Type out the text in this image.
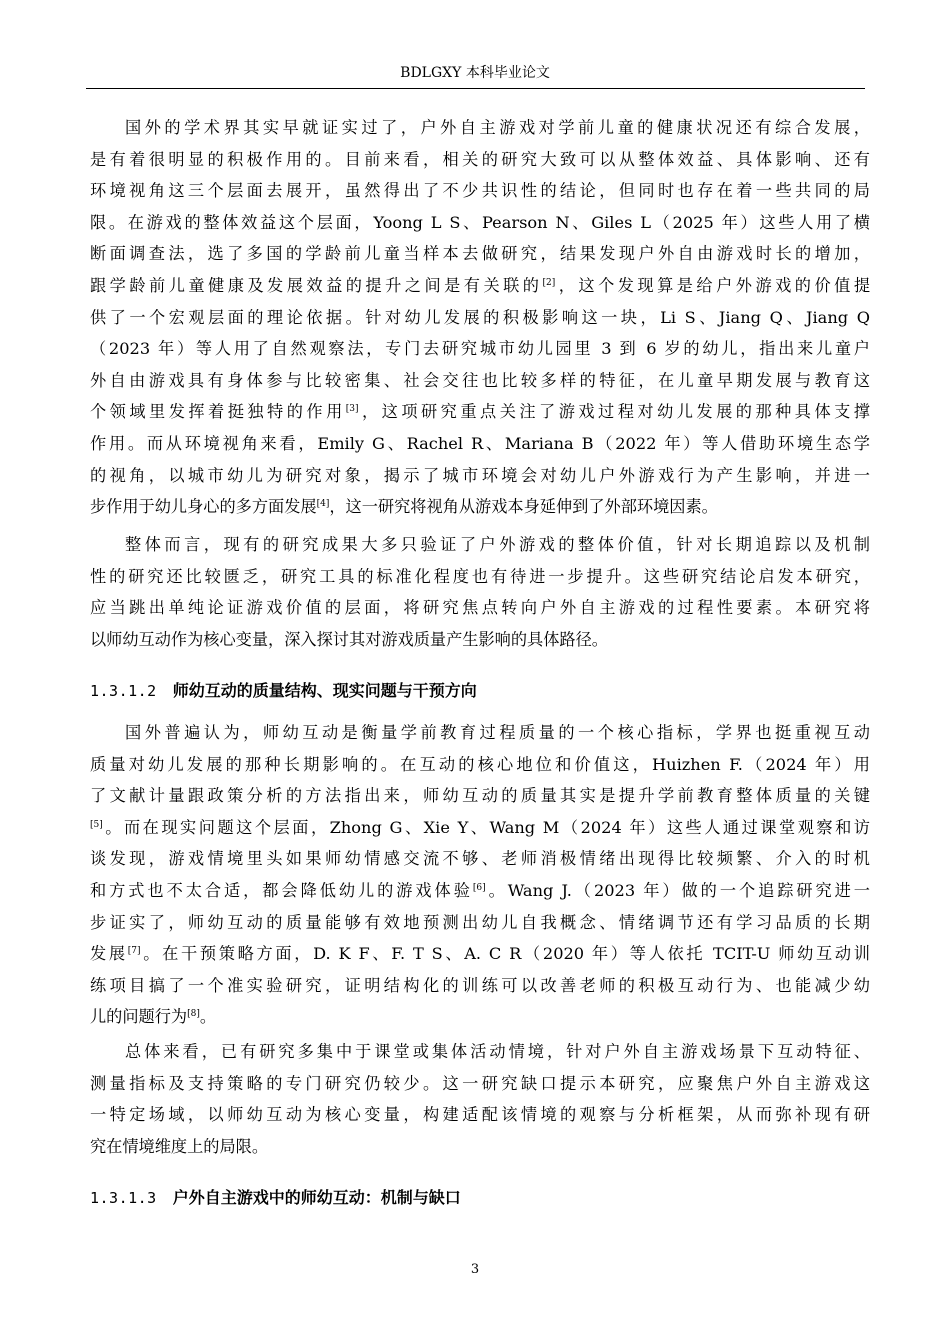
BDLGXY 本科毕业论文
国外的学术界其实早就证实过了，户外自主游戏对学前儿童的健康状况还有综合发展，
是有着很明显的积极作用的。目前来看，相关的研究大致可以从整体效益、具体影响、还有
环境视角这三个层面去展开，虽然得出了不少共识性的结论，但同时也存在着一些共同的局
限。在游戏的整体效益这个层面，Yoong L S、Pearson N、Giles L（2025 年）这些人用了横
断面调查法，选了多国的学龄前儿童当样本去做研究，结果发现户外自由游戏时长的增加，
跟学龄前儿童健康及发展效益的提升之间是有关联的[2]，这个发现算是给户外游戏的价值提
供了一个宏观层面的理论依据。针对幼儿发展的积极影响这一块，Li S、Jiang Q、Jiang Q
（2023 年）等人用了自然观察法，专门去研究城市幼儿园里 3 到 6 岁的幼儿，指出来儿童户
外自由游戏具有身体参与比较密集、社会交往也比较多样的特征，在儿童早期发展与教育这
个领域里发挥着挺独特的作用[3]，这项研究重点关注了游戏过程对幼儿发展的那种具体支撑
作用。而从环境视角来看，Emily G、Rachel R、Mariana B（2022 年）等人借助环境生态学
的视角，以城市幼儿为研究对象，揭示了城市环境会对幼儿户外游戏行为产生影响，并进一
步作用于幼儿身心的多方面发展[4]，这一研究将视角从游戏本身延伸到了外部环境因素。
整体而言，现有的研究成果大多只验证了户外游戏的整体价值，针对长期追踪以及机制
性的研究还比较匮乏，研究工具的标准化程度也有待进一步提升。这些研究结论启发本研究，
应当跳出单纯论证游戏价值的层面，将研究焦点转向户外自主游戏的过程性要素。本研究将
以师幼互动作为核心变量，深入探讨其对游戏质量产生影响的具体路径。
1.3.1.2 师幼互动的质量结构、现实问题与干预方向
国外普遍认为，师幼互动是衡量学前教育过程质量的一个核心指标，学界也挺重视互动
质量对幼儿发展的那种长期影响的。在互动的核心地位和价值这，Huizhen F.（2024 年）用
了文献计量跟政策分析的方法指出来，师幼互动的质量其实是提升学前教育整体质量的关键
[5]。而在现实问题这个层面，Zhong G、Xie Y、Wang M（2024 年）这些人通过课堂观察和访
谈发现，游戏情境里头如果师幼情感交流不够、老师消极情绪出现得比较频繁、介入的时机
和方式也不太合适，都会降低幼儿的游戏体验[6]。Wang J.（2023 年）做的一个追踪研究进一
步证实了，师幼互动的质量能够有效地预测出幼儿自我概念、情绪调节还有学习品质的长期
发展[7]。在干预策略方面，D. K F、F. T S、A. C R（2020 年）等人依托 TCIT-U 师幼互动训
练项目搞了一个准实验研究，证明结构化的训练可以改善老师的积极互动行为、也能减少幼
儿的问题行为[8]。
总体来看，已有研究多集中于课堂或集体活动情境，针对户外自主游戏场景下互动特征、
测量指标及支持策略的专门研究仍较少。这一研究缺口提示本研究，应聚焦户外自主游戏这
一特定场域，以师幼互动为核心变量，构建适配该情境的观察与分析框架，从而弥补现有研
究在情境维度上的局限。
1.3.1.3 户外自主游戏中的师幼互动：机制与缺口
3
